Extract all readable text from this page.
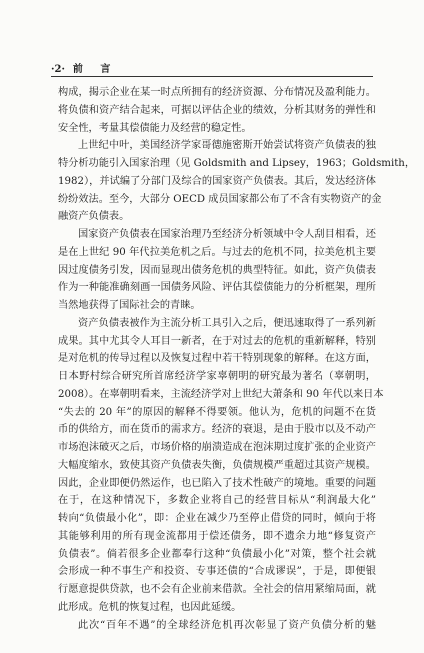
·2· 前 言
构成，揭示企业在某一时点所拥有的经济资源、分布情况及盈利能力。
将负债和资产结合起来，可据以评估企业的绩效，分析其财务的弹性和
安全性，考量其偿债能力及经营的稳定性。
上世纪中叶，美国经济学家哥德施密斯开始尝试将资产负债表的独
特分析功能引入国家治理（见 Goldsmith and Lipsey，1963；Goldsmith，
1982），并试编了分部门及综合的国家资产负债表。其后，发达经济体
纷纷效法。至今，大部分 OECD 成员国家都公布了不含有实物资产的金
融资产负债表。
国家资产负债表在国家治理乃至经济分析领域中令人刮目相看，还
是在上世纪 90 年代拉美危机之后。与过去的危机不同，拉美危机主要
因过度债务引发，因而显现出债务危机的典型特征。如此，资产负债表
作为一种能准确刻画一国债务风险、评估其偿债能力的分析框架，理所
当然地获得了国际社会的青睐。
资产负债表被作为主流分析工具引入之后，便迅速取得了一系列新
成果。其中尤其令人耳目一新者，在于对过去的危机的重新解释，特别
是对危机的传导过程以及恢复过程中若干特别现象的解释。在这方面，
日本野村综合研究所首席经济学家辜朝明的研究最为著名（辜朝明，
2008）。在辜朝明看来，主流经济学对上世纪大萧条和 90 年代以来日本
“失去的 20 年”的原因的解释不得要领。他认为，危机的问题不在货
币的供给方，而在货币的需求方。经济的衰退，是由于股市以及不动产
市场泡沫破灭之后，市场价格的崩溃造成在泡沫期过度扩张的企业资产
大幅度缩水，致使其资产负债表失衡，负债规模严重超过其资产规模。
因此，企业即便仍然运作，也已陷入了技术性破产的境地。重要的问题
在于，在这种情况下，多数企业将自己的经营目标从“利润最大化”
转向“负债最小化”，即：企业在减少乃至停止借贷的同时，倾向于将
其能够利用的所有现金流都用于偿还债务，即不遗余力地“修复资产
负债表”。倘若很多企业都奉行这种“负债最小化”对策，整个社会就
会形成一种不事生产和投资、专事还债的“合成谬误”，于是，即便银
行愿意提供贷款，也不会有企业前来借款。全社会的信用紧缩局面，就
此形成。危机的恢复过程，也因此延缓。
此次“百年不遇”的全球经济危机再次彰显了资产负债分析的魅
